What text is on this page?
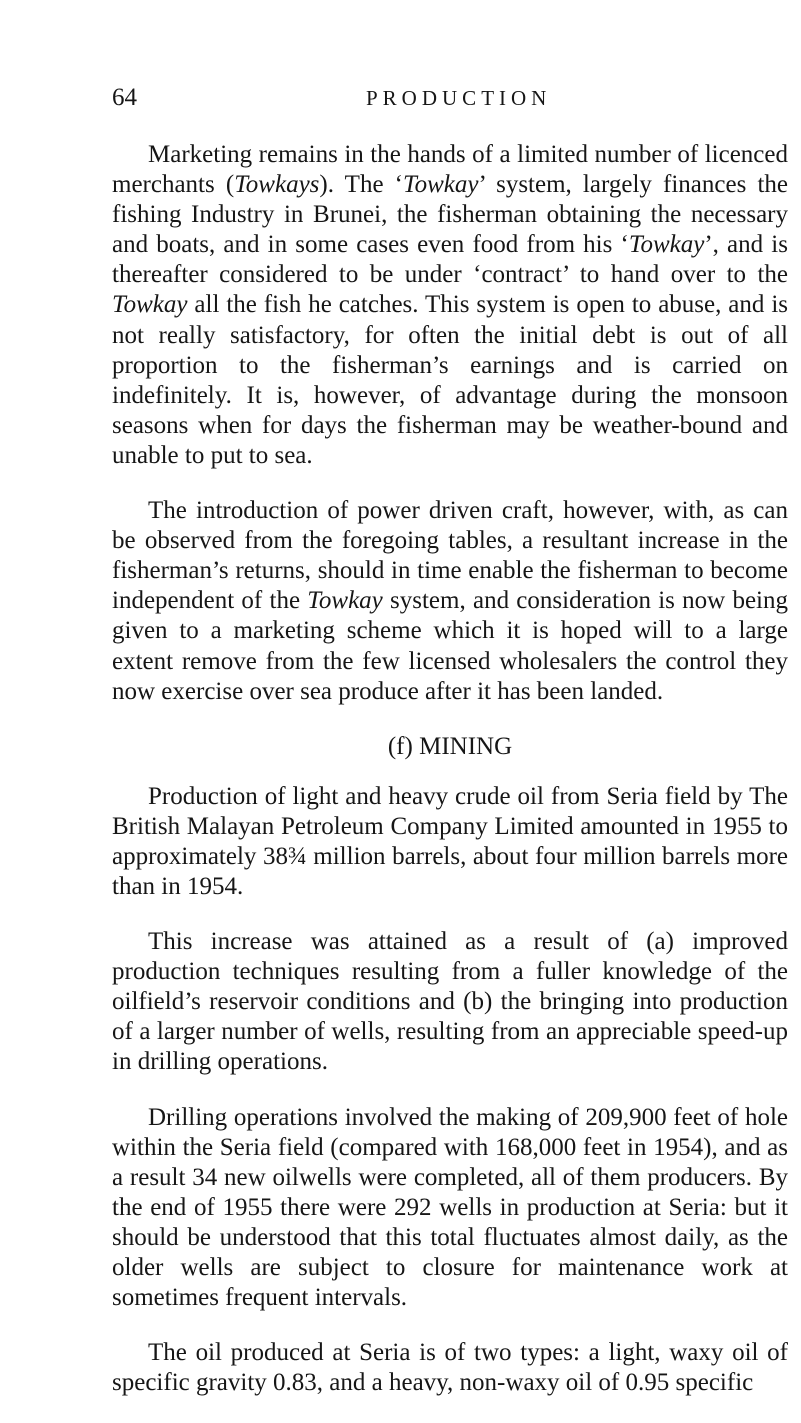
64	PRODUCTION

Marketing remains in the hands of a limited number of licenced merchants (Towkays). The ‘Towkay’ system, largely finances the fishing Industry in Brunei, the fisherman obtaining the necessary and boats, and in some cases even food from his ‘Towkay’, and is thereafter considered to be under ‘contract’ to hand over to the Towkay all the fish he catches. This system is open to abuse, and is not really satisfactory, for often the initial debt is out of all proportion to the fisherman’s earnings and is carried on indefinitely. It is, however, of advantage during the monsoon seasons when for days the fisherman may be weather-bound and unable to put to sea.

The introduction of power driven craft, however, with, as can be observed from the foregoing tables, a resultant increase in the fisherman’s returns, should in time enable the fisherman to become independent of the Towkay system, and consideration is now being given to a marketing scheme which it is hoped will to a large extent remove from the few licensed wholesalers the control they now exercise over sea produce after it has been landed.

(f) MINING

Production of light and heavy crude oil from Seria field by The British Malayan Petroleum Company Limited amounted in 1955 to approximately 38¾ million barrels, about four million barrels more than in 1954.

This increase was attained as a result of (a) improved production techniques resulting from a fuller knowledge of the oilfield’s reservoir conditions and (b) the bringing into production of a larger number of wells, resulting from an appreciable speed-up in drilling operations.

Drilling operations involved the making of 209,900 feet of hole within the Seria field (compared with 168,000 feet in 1954), and as a result 34 new oilwells were completed, all of them producers. By the end of 1955 there were 292 wells in production at Seria: but it should be understood that this total fluctuates almost daily, as the older wells are subject to closure for maintenance work at sometimes frequent intervals.

The oil produced at Seria is of two types: a light, waxy oil of specific gravity 0.83, and a heavy, non-waxy oil of 0.95 specific
